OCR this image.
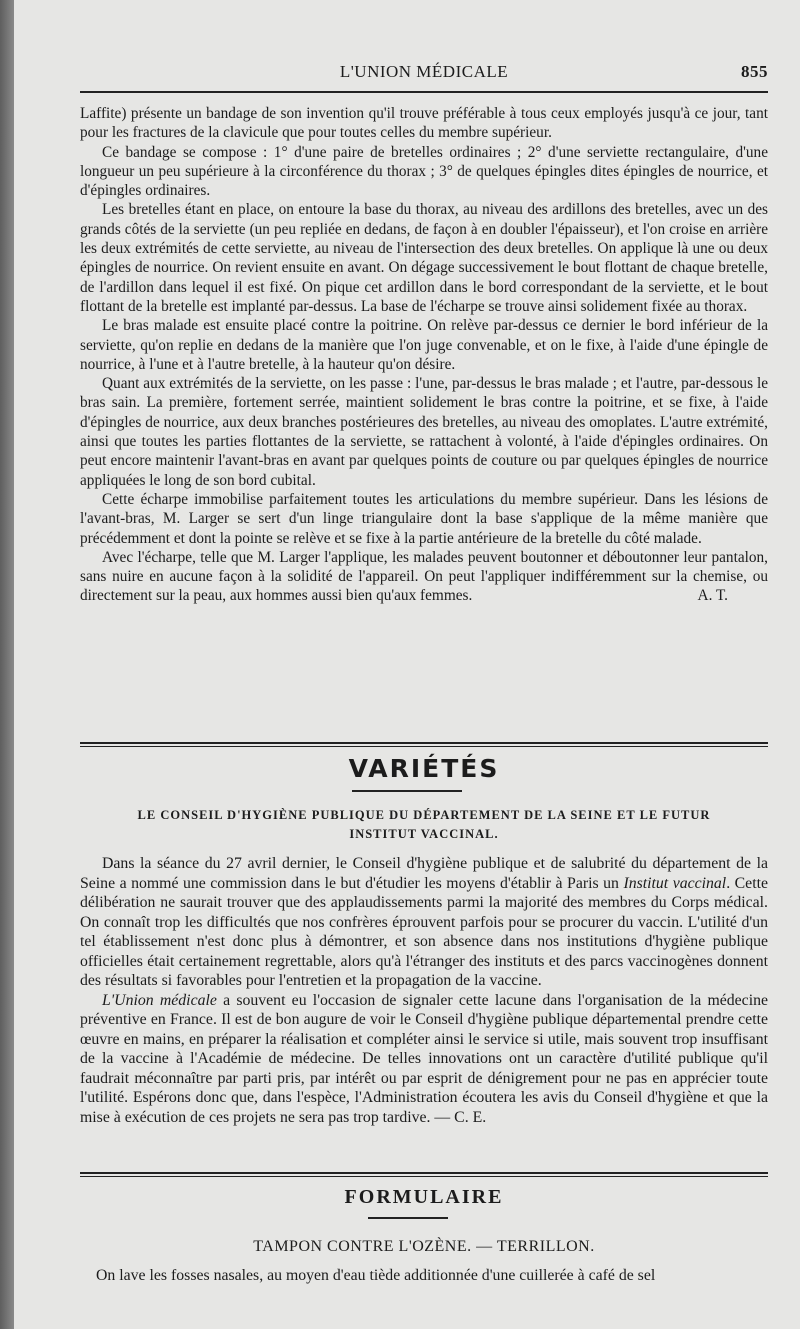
L'UNION MÉDICALE	855

Laffite) présente un bandage de son invention qu'il trouve préférable à tous ceux employés jusqu'à ce jour, tant pour les fractures de la clavicule que pour toutes celles du membre supérieur.

Ce bandage se compose : 1° d'une paire de bretelles ordinaires ; 2° d'une serviette rectangulaire, d'une longueur un peu supérieure à la circonférence du thorax ; 3° de quelques épingles dites épingles de nourrice, et d'épingles ordinaires.

Les bretelles étant en place, on entoure la base du thorax, au niveau des ardillons des bretelles, avec un des grands côtés de la serviette (un peu repliée en dedans, de façon à en doubler l'épaisseur), et l'on croise en arrière les deux extrémités de cette serviette, au niveau de l'intersection des deux bretelles. On applique là une ou deux épingles de nourrice. On revient ensuite en avant. On dégage successivement le bout flottant de chaque bretelle, de l'ardillon dans lequel il est fixé. On pique cet ardillon dans le bord correspondant de la serviette, et le bout flottant de la bretelle est implanté par-dessus. La base de l'écharpe se trouve ainsi solidement fixée au thorax.

Le bras malade est ensuite placé contre la poitrine. On relève par-dessus ce dernier le bord inférieur de la serviette, qu'on replie en dedans de la manière que l'on juge convenable, et on le fixe, à l'aide d'une épingle de nourrice, à l'une et à l'autre bretelle, à la hauteur qu'on désire.

Quant aux extrémités de la serviette, on les passe : l'une, par-dessus le bras malade ; et l'autre, par-dessous le bras sain. La première, fortement serrée, maintient solidement le bras contre la poitrine, et se fixe, à l'aide d'épingles de nourrice, aux deux branches postérieures des bretelles, au niveau des omoplates. L'autre extrémité, ainsi que toutes les parties flottantes de la serviette, se rattachent à volonté, à l'aide d'épingles ordinaires. On peut encore maintenir l'avant-bras en avant par quelques points de couture ou par quelques épingles de nourrice appliquées le long de son bord cubital.

Cette écharpe immobilise parfaitement toutes les articulations du membre supérieur. Dans les lésions de l'avant-bras, M. Larger se sert d'un linge triangulaire dont la base s'applique de la même manière que précédemment et dont la pointe se relève et se fixe à la partie antérieure de la bretelle du côté malade.

Avec l'écharpe, telle que M. Larger l'applique, les malades peuvent boutonner et déboutonner leur pantalon, sans nuire en aucune façon à la solidité de l'appareil. On peut l'appliquer indifféremment sur la chemise, ou directement sur la peau, aux hommes aussi bien qu'aux femmes.	A. T.

VARIÉTÉS
LE CONSEIL D'HYGIÈNE PUBLIQUE DU DÉPARTEMENT DE LA SEINE ET LE FUTUR
INSTITUT VACCINAL.

Dans la séance du 27 avril dernier, le Conseil d'hygiène publique et de salubrité du département de la Seine a nommé une commission dans le but d'étudier les moyens d'établir à Paris un Institut vaccinal. Cette délibération ne saurait trouver que des applaudissements parmi la majorité des membres du Corps médical. On connaît trop les difficultés que nos confrères éprouvent parfois pour se procurer du vaccin. L'utilité d'un tel établissement n'est donc plus à démontrer, et son absence dans nos institutions d'hygiène publique officielles était certainement regrettable, alors qu'à l'étranger des instituts et des parcs vaccinogènes donnent des résultats si favorables pour l'entretien et la propagation de la vaccine.

L'Union médicale a souvent eu l'occasion de signaler cette lacune dans l'organisation de la médecine préventive en France. Il est de bon augure de voir le Conseil d'hygiène publique départemental prendre cette œuvre en mains, en préparer la réalisation et compléter ainsi le service si utile, mais souvent trop insuffisant de la vaccine à l'Académie de médecine. De telles innovations ont un caractère d'utilité publique qu'il faudrait méconnaître par parti pris, par intérêt ou par esprit de dénigrement pour ne pas en apprécier toute l'utilité. Espérons donc que, dans l'espèce, l'Administration écoutera les avis du Conseil d'hygiène et que la mise à exécution de ces projets ne sera pas trop tardive. — C. E.

FORMULAIRE
TAMPON CONTRE L'OZÈNE. — TERRILLON.

On lave les fosses nasales, au moyen d'eau tiède additionnée d'une cuillerée à café de sel
